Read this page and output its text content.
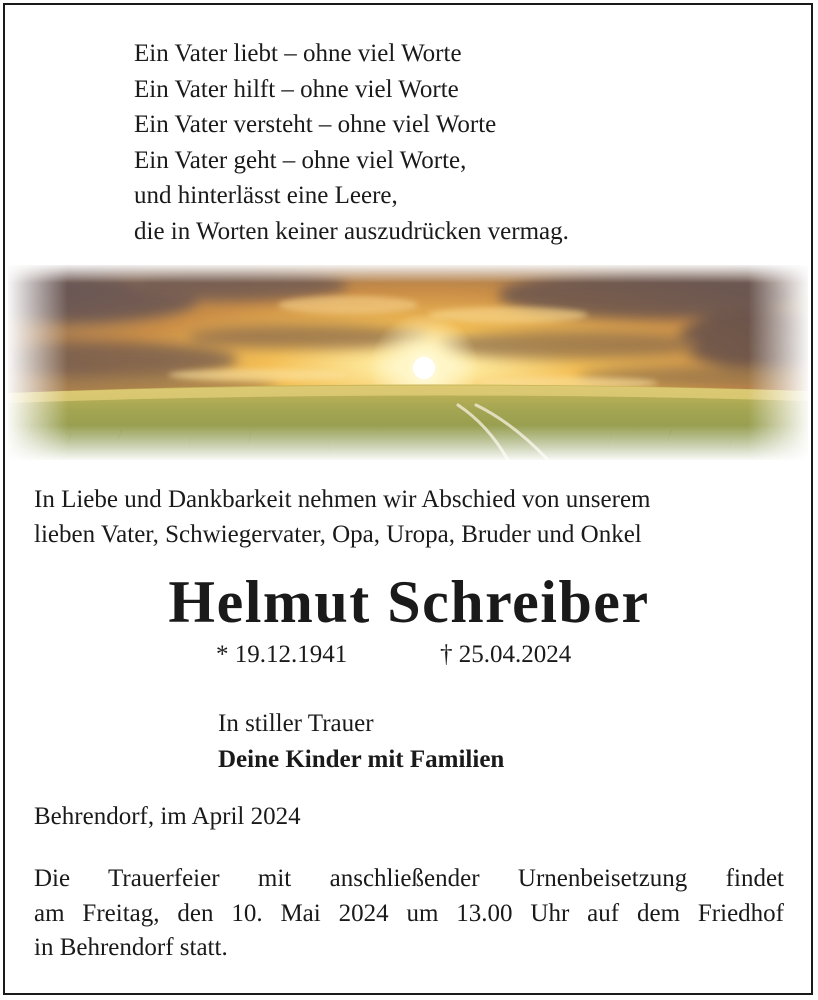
Ein Vater liebt – ohne viel Worte
Ein Vater hilft – ohne viel Worte
Ein Vater versteht – ohne viel Worte
Ein Vater geht – ohne viel Worte,
und hinterlässt eine Leere,
die in Worten keiner auszudrücken vermag.
In Liebe und Dankbarkeit nehmen wir Abschied von unserem
lieben Vater, Schwiegervater, Opa, Uropa, Bruder und Onkel
Helmut Schreiber
* 19.12.1941	† 25.04.2024
In stiller Trauer
Deine Kinder mit Familien
Behrendorf, im April 2024
Die Trauerfeier mit anschließender Urnenbeisetzung findet
am Freitag, den 10. Mai 2024 um 13.00 Uhr auf dem Friedhof
in Behrendorf statt.
